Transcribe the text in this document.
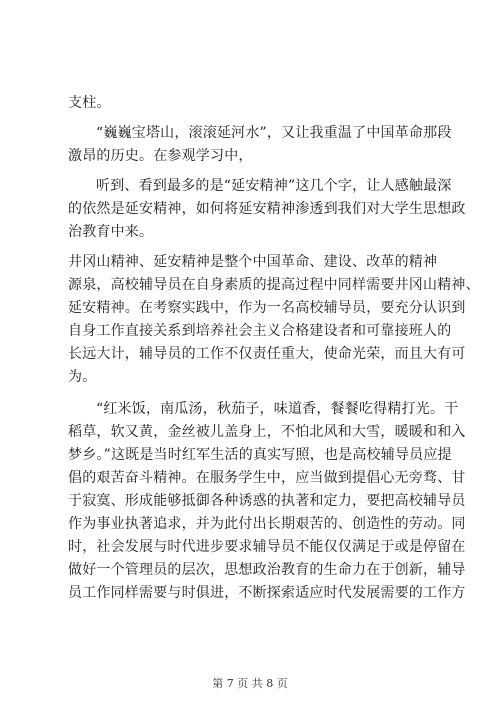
支柱。
“巍巍宝塔山，滚滚延河水”，又让我重温了中国革命那段
激昂的历史。在参观学习中，
听到、看到最多的是“延安精神”这几个字，让人感触最深
的依然是延安精神，如何将延安精神渗透到我们对大学生思想政
治教育中来。
井冈山精神、延安精神是整个中国革命、建设、改革的精神
源泉，高校辅导员在自身素质的提高过程中同样需要井冈山精神、
延安精神。在考察实践中，作为一名高校辅导员，要充分认识到
自身工作直接关系到培养社会主义合格建设者和可靠接班人的
长远大计，辅导员的工作不仅责任重大，使命光荣，而且大有可
为。
“红米饭，南瓜汤，秋茄子，味道香，餐餐吃得精打光。干
稻草，软又黄，金丝被儿盖身上，不怕北风和大雪，暖暖和和入
梦乡。”这既是当时红军生活的真实写照，也是高校辅导员应提
倡的艰苦奋斗精神。在服务学生中，应当做到提倡心无旁骛、甘
于寂寞、形成能够抵御各种诱惑的执著和定力，要把高校辅导员
作为事业执著追求，并为此付出长期艰苦的、创造性的劳动。同
时，社会发展与时代进步要求辅导员不能仅仅满足于或是停留在
做好一个管理员的层次，思想政治教育的生命力在于创新，辅导
员工作同样需要与时俱进，不断探索适应时代发展需要的工作方
第 7 页 共 8 页
